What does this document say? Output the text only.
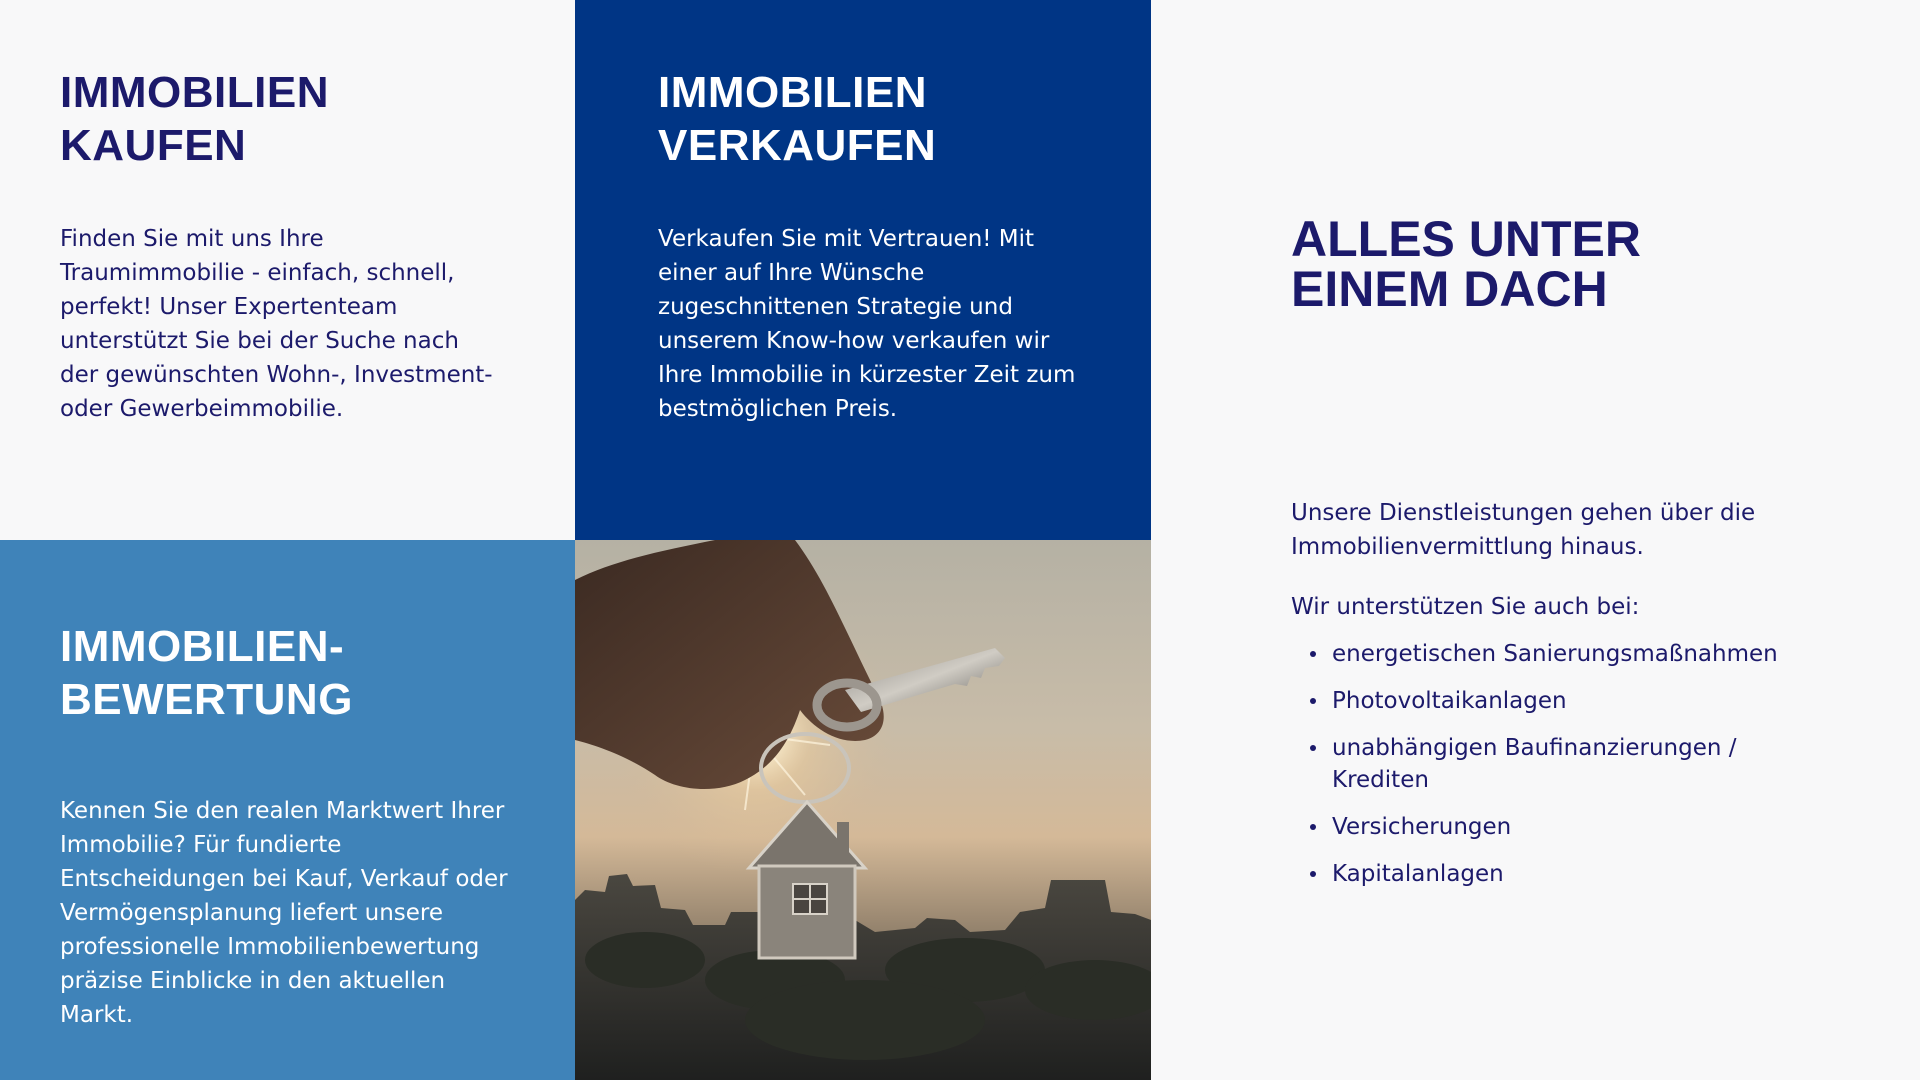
IMMOBILIEN
KAUFEN

Finden Sie mit uns Ihre Traumimmobilie - einfach, schnell, perfekt! Unser Expertenteam unterstützt Sie bei der Suche nach der gewünschten Wohn-, Investment- oder Gewerbeimmobilie.

IMMOBILIEN
VERKAUFEN

Verkaufen Sie mit Vertrauen! Mit einer auf Ihre Wünsche zugeschnittenen Strategie und unserem Know-how verkaufen wir Ihre Immobilie in kürzester Zeit zum bestmöglichen Preis.

IMMOBILIEN-
BEWERTUNG

Kennen Sie den realen Marktwert Ihrer Immobilie? Für fundierte Entscheidungen bei Kauf, Verkauf oder Vermögensplanung liefert unsere professionelle Immobilienbewertung präzise Einblicke in den aktuellen Markt.

ALLES UNTER
EINEM DACH

Unsere Dienstleistungen gehen über die Immobilienvermittlung hinaus.

Wir unterstützen Sie auch bei:

energetischen Sanierungsmaßnahmen
Photovoltaikanlagen
unabhängigen Baufinanzierungen / Krediten
Versicherungen
Kapitalanlagen
